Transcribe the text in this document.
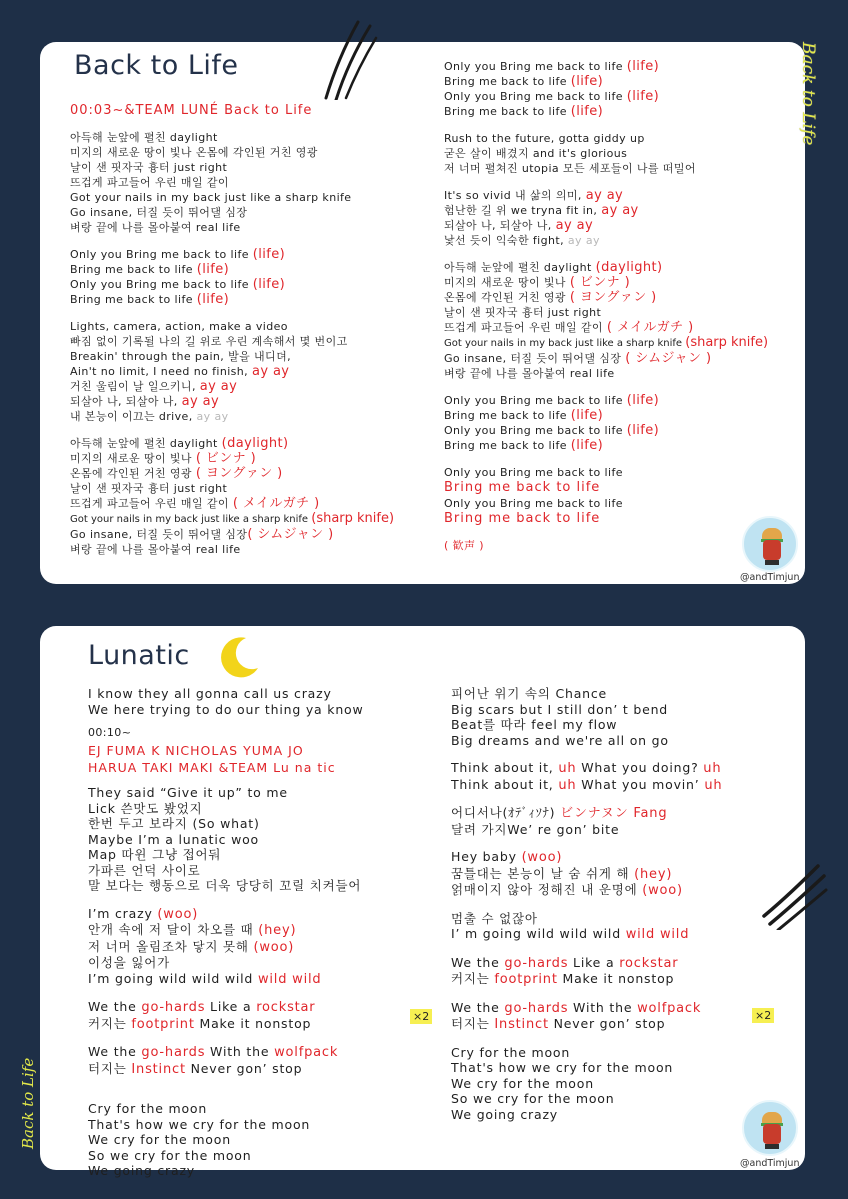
Back to Life
00:03~&TEAM LUNÉ Back to Life
아득해 눈앞에 펼친 daylight
미지의 새로운 땅이 빛나 온몸에 각인된 거친 영광
날이 샌 핏자국 흉터 just right
뜨겁게 파고들어 우린 매일 같이
Got your nails in my back just like a sharp knife
Go insane, 터질 듯이 뛰어댈 심장
벼랑 끝에 나를 몰아붙여 real life
Only you Bring me back to life (life)
Bring me back to life (life)
Only you Bring me back to life (life)
Bring me back to life (life)
Lights, camera, action, make a video
빠짐 없이 기록될 나의 길 위로 우린 계속해서 몇 번이고
Breakin' through the pain, 발을 내디뎌,
Ain't no limit, I need no finish, ay ay
거친 울림이 날 일으키니, ay ay
되살아 나, 되살아 나, ay ay
내 본능이 이끄는 drive, ay ay
아득해 눈앞에 펼친 daylight (daylight)
미지의 새로운 땅이 빛나 ( ビンナ )
온몸에 각인된 거친 영광 ( ヨングァン )
날이 샌 핏자국 흉터 just right
뜨겁게 파고들어 우린 매일 같이 ( メイルガチ )
Got your nails in my back just like a sharp knife (sharp knife)
Go insane, 터질 듯이 뛰어댈 심장( シムジャン )
벼랑 끝에 나를 몰아붙여 real life
Only you Bring me back to life (life)
Bring me back to life (life)
Only you Bring me back to life (life)
Bring me back to life (life)
Rush to the future, gotta giddy up
굳은 살이 배겼지 and it's glorious
저 너머 펼쳐진 utopia 모든 세포들이 나를 떠밀어
It's so vivid 내 삶의 의미, ay ay
험난한 길 위 we tryna fit in, ay ay
되살아 나, 되살아 나, ay ay
낯선 듯이 익숙한 fight, ay ay
아득해 눈앞에 펼친 daylight (daylight)
미지의 새로운 땅이 빛나 ( ビンナ )
온몸에 각인된 거친 영광 ( ヨングァン )
날이 샌 핏자국 흉터 just right
뜨겁게 파고들어 우린 매일 같이 ( メイルガチ )
Got your nails in my back just like a sharp knife (sharp knife)
Go insane, 터질 듯이 뛰어댈 심장 ( シムジャン )
벼랑 끝에 나를 몰아붙여 real life
Only you Bring me back to life (life)
Bring me back to life (life)
Only you Bring me back to life (life)
Bring me back to life (life)
Only you Bring me back to life
Bring me back to life
Only you Bring me back to life
Bring me back to life
( 歓声 )
@andTimjun
Back to Life
Lunatic
I know they all gonna call us crazy
We here trying to do our thing ya know
00:10~
EJ FUMA K NICHOLAS YUMA JO
HARUA TAKI MAKI &TEAM Lu na tic
They said “Give it up” to me
Lick 쓴맛도 봤었지
한번 두고 보라지 (So what)
Maybe I’m a lunatic woo
Map 따윈 그냥 접어둬
가파른 언덕 사이로
말 보다는 행동으로 더욱 당당히 꼬릴 치켜들어
I’m crazy (woo)
안개 속에 저 달이 차오를 때 (hey)
저 너머 올림조차 닿지 못해 (woo)
이성을 잃어가
I’m going wild wild wild wild wild
We the go-hards Like a rockstar
커지는 footprint Make it nonstop
We the go-hards With the wolfpack
터지는 Instinct Never gon’ stop
Cry for the moon
That's how we cry for the moon
We cry for the moon
So we cry for the moon
We going crazy
피어난 위기 속의 Chance
Big scars but I still don’ t bend
Beat를 따라 feel my flow
Big dreams and we're all on go
Think about it, uh What you doing? uh
Think about it, uh What you movin’ uh
어디서나(ｵﾃﾞｨｿﾅ) ビンナヌン Fang
달려 가지We’ re gon’ bite
Hey baby (woo)
꿈틀대는 본능이 날 숨 쉬게 해 (hey)
얽매이지 않아 정해진 내 운명에 (woo)
멈출 수 없잖아
I’ m going wild wild wild wild wild
We the go-hards Like a rockstar
커지는 footprint Make it nonstop
We the go-hards With the wolfpack
터지는 Instinct Never gon’ stop
Cry for the moon
That's how we cry for the moon
We cry for the moon
So we cry for the moon
We going crazy
×2	×2
@andTimjun
Back to Life
